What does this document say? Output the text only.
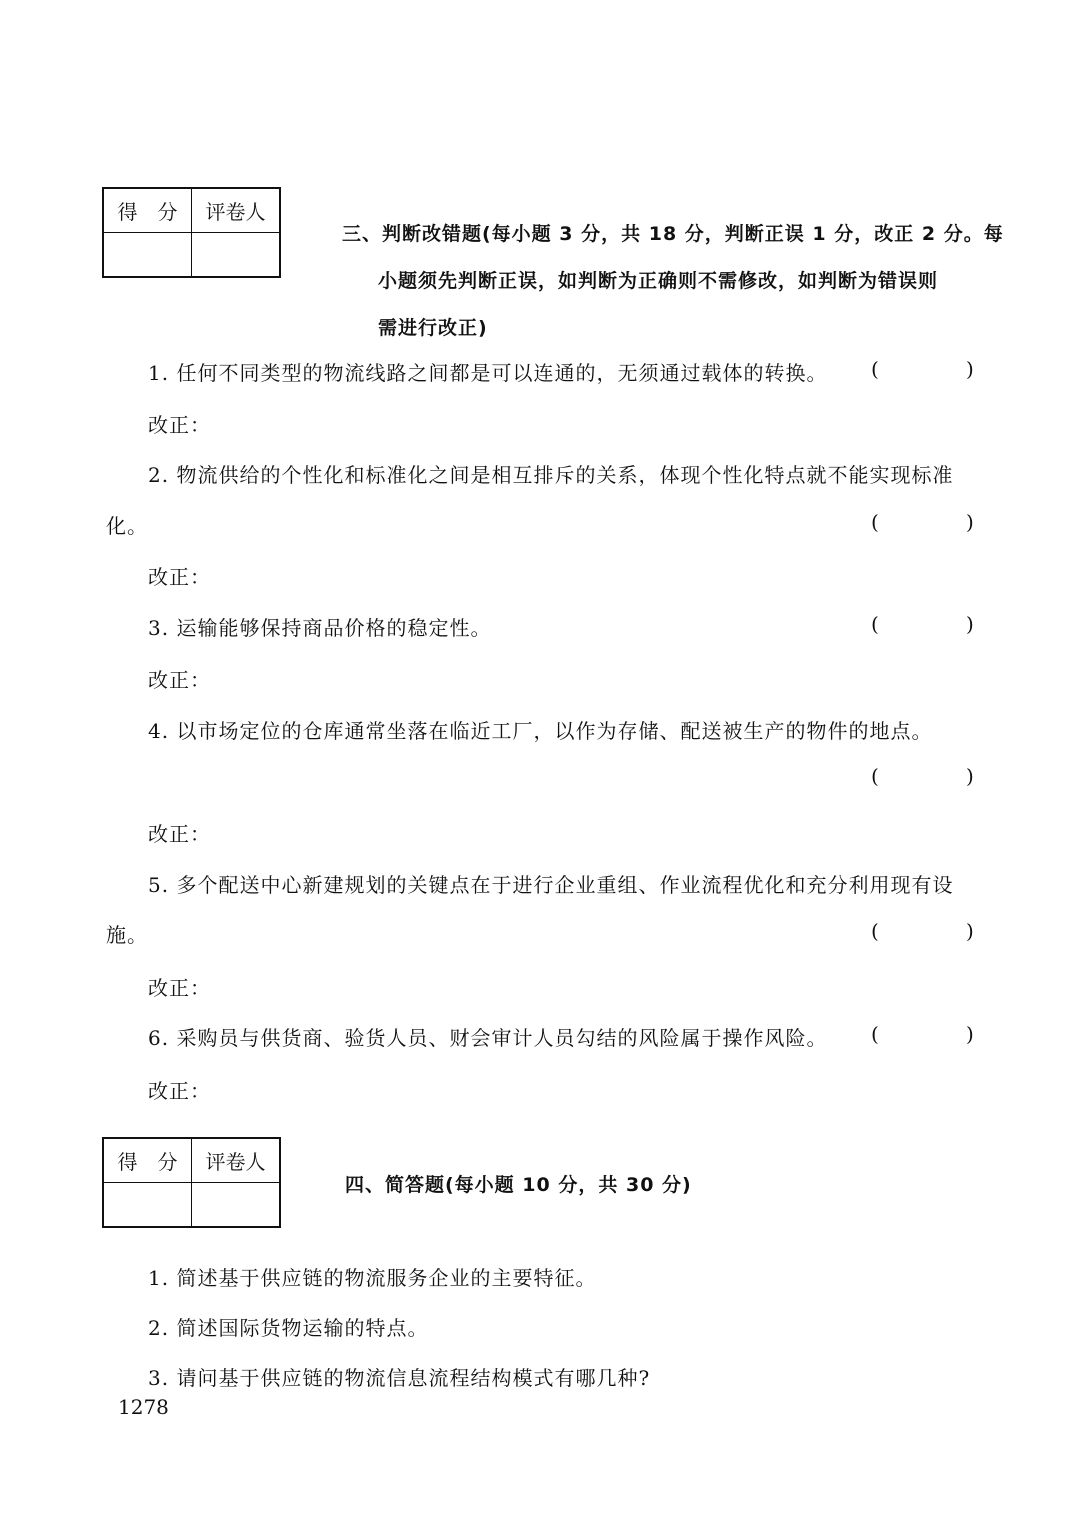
得　分	评卷人

三、判断改错题(每小题 3 分，共 18 分，判断正误 1 分，改正 2 分。每
小题须先判断正误，如判断为正确则不需修改，如判断为错误则
需进行改正)
1. 任何不同类型的物流线路之间都是可以连通的，无须通过载体的转换。 (	)
改正：
2. 物流供给的个性化和标准化之间是相互排斥的关系，体现个性化特点就不能实现标准
化。	(	)
改正：
3. 运输能够保持商品价格的稳定性。	(	)
改正：
4. 以市场定位的仓库通常坐落在临近工厂，以作为存储、配送被生产的物件的地点。
(	)
改正：
5. 多个配送中心新建规划的关键点在于进行企业重组、作业流程优化和充分利用现有设
施。	(	)
改正：
6. 采购员与供货商、验货人员、财会审计人员勾结的风险属于操作风险。 (	)
改正：
得　分	评卷人

四、简答题(每小题 10 分，共 30 分)
1. 简述基于供应链的物流服务企业的主要特征。
2. 简述国际货物运输的特点。
3. 请问基于供应链的物流信息流程结构模式有哪几种?
1278
